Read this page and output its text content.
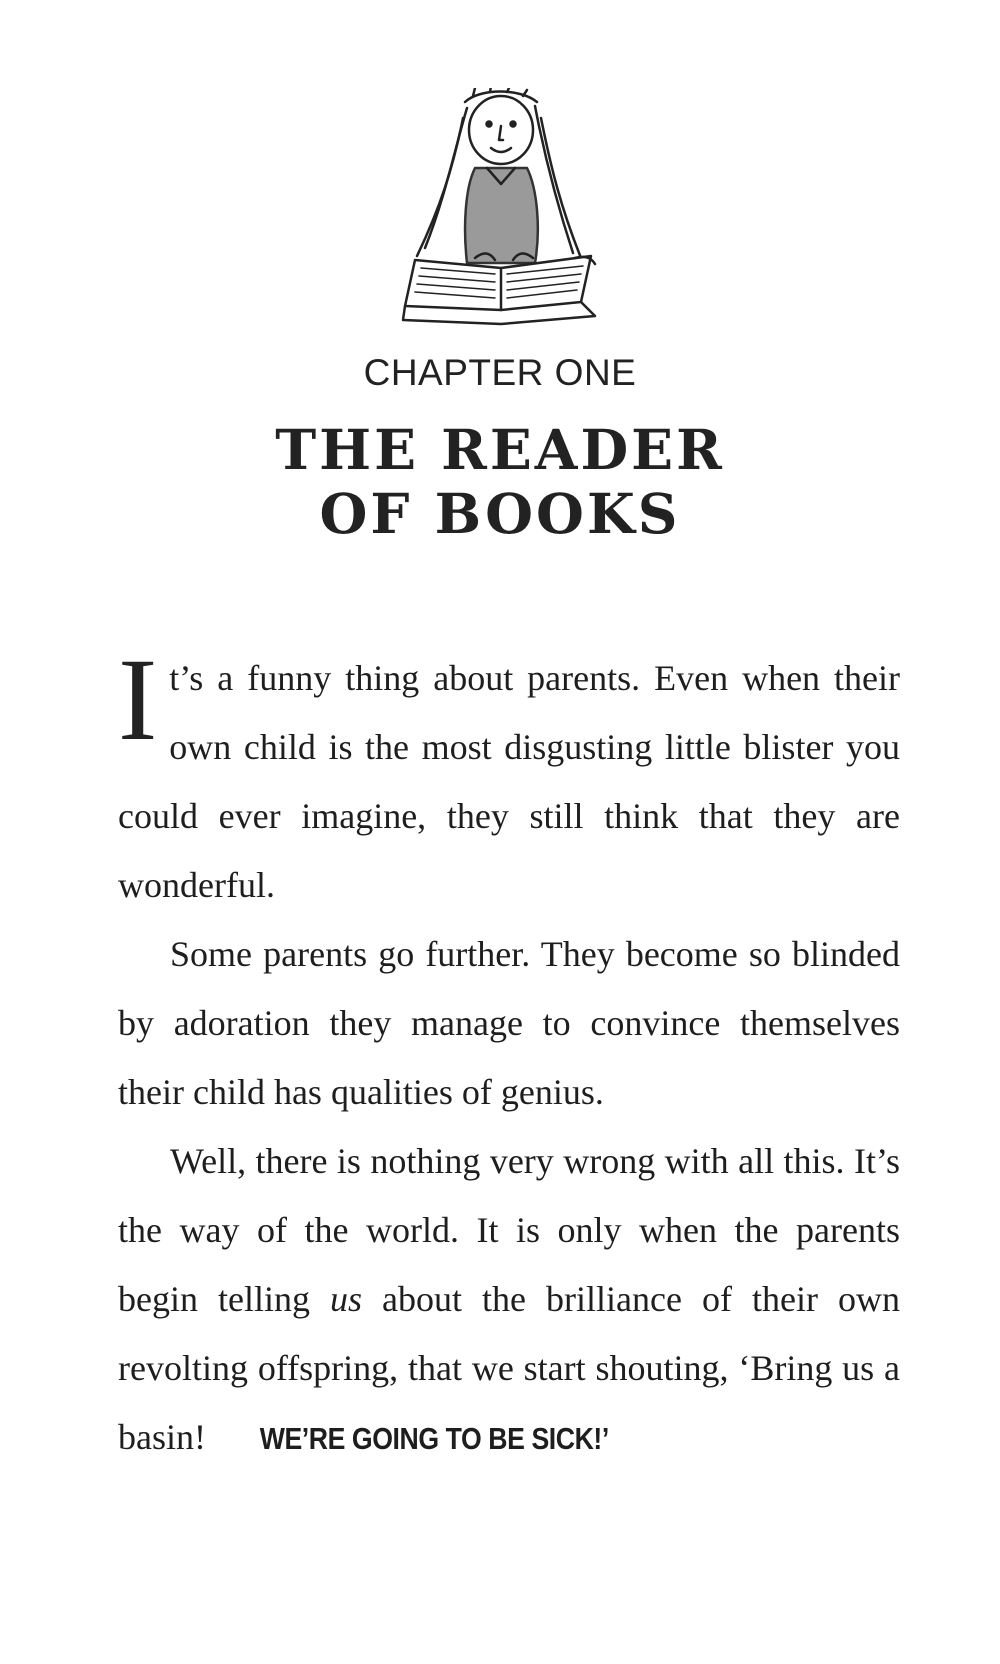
CHAPTER ONE
THE READER
OF BOOKS

It’s a funny thing about parents. Even when their own child is the most disgusting little blister you could ever imagine, they still think that they are wonderful.

Some parents go further. They become so blinded by adoration they manage to convince themselves their child has qualities of genius.

Well, there is nothing very wrong with all this. It’s the way of the world. It is only when the parents begin telling us about the brilliance of their own revolting offspring, that we start shouting, ‘Bring us a basin! WE’RE GOING TO BE SICK!’
